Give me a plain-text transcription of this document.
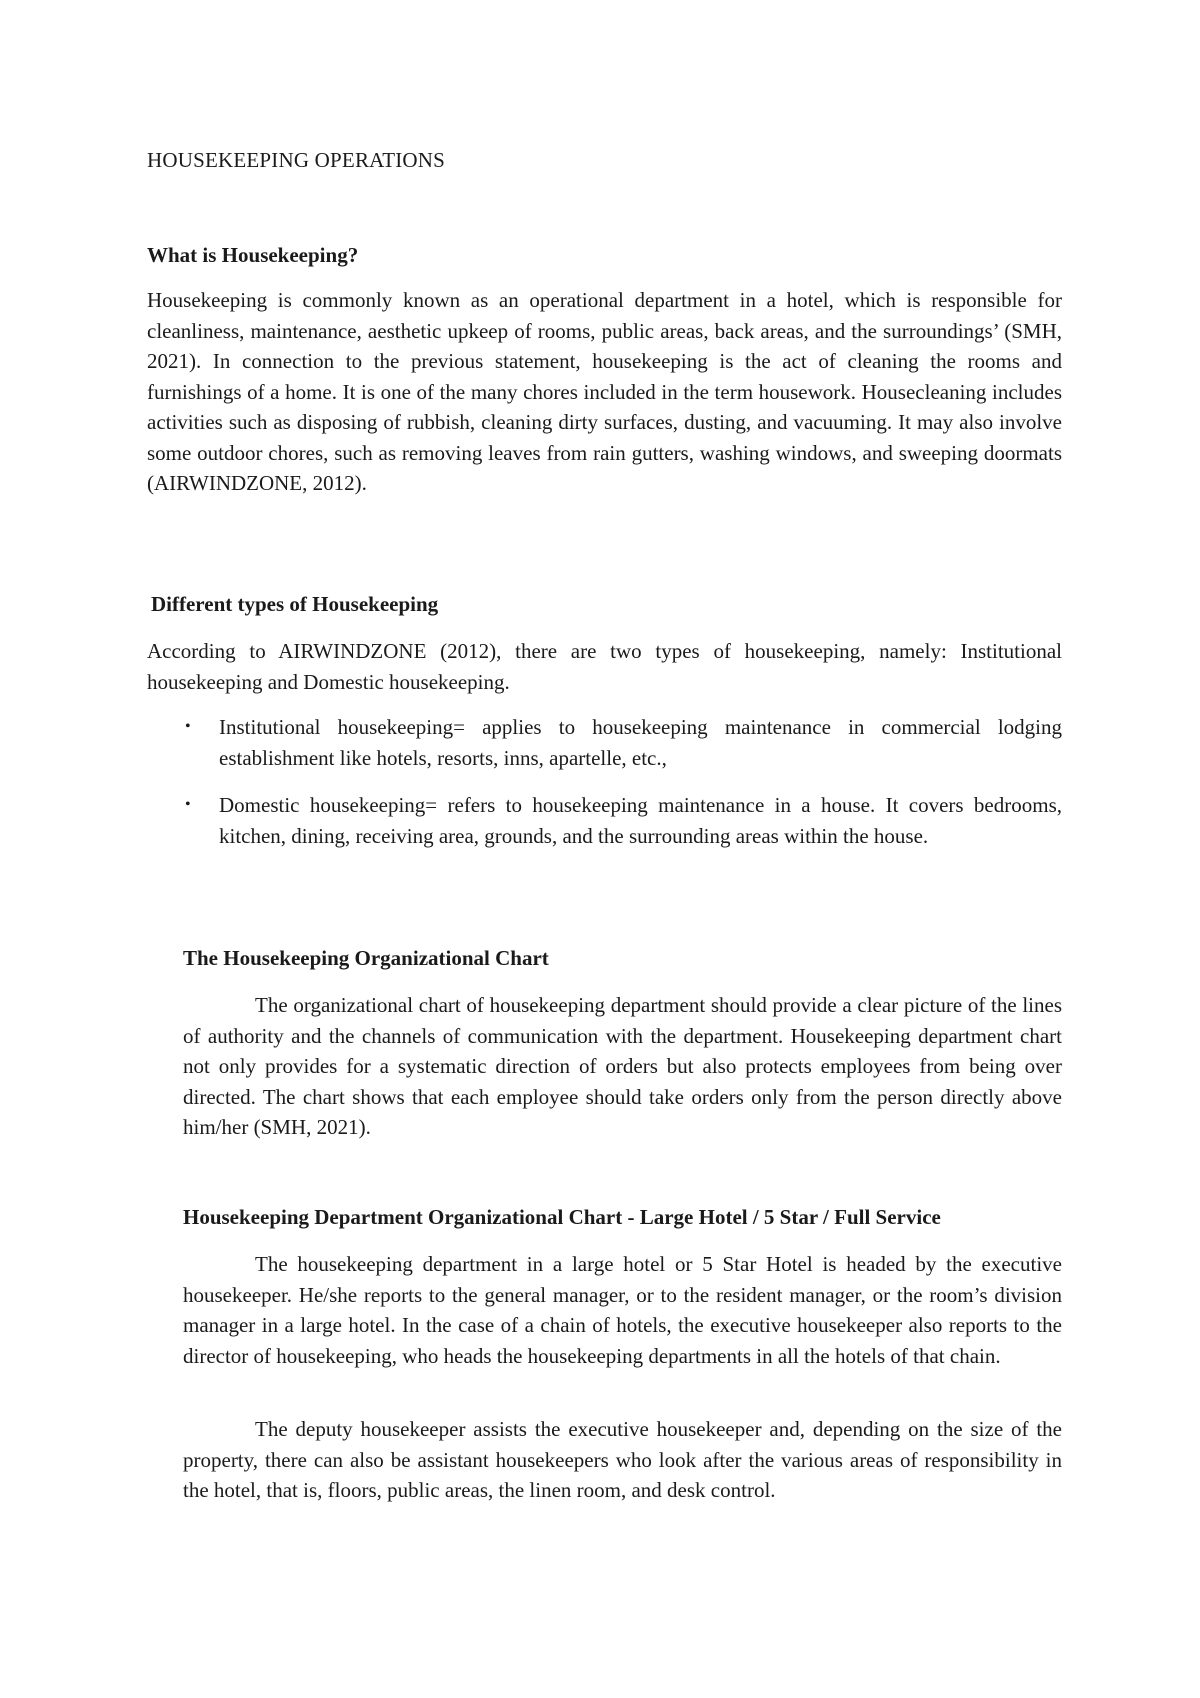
HOUSEKEEPING OPERATIONS
What is Housekeeping?

Housekeeping is commonly known as an operational department in a hotel, which is responsible for cleanliness, maintenance, aesthetic upkeep of rooms, public areas, back areas, and the surroundings’ (SMH, 2021). In connection to the previous statement, housekeeping is the act of cleaning the rooms and furnishings of a home. It is one of the many chores included in the term housework. Housecleaning includes activities such as disposing of rubbish, cleaning dirty surfaces, dusting, and vacuuming. It may also involve some outdoor chores, such as removing leaves from rain gutters, washing windows, and sweeping doormats (AIRWINDZONE, 2012).

Different types of Housekeeping

According to AIRWINDZONE (2012), there are two types of housekeeping, namely: Institutional housekeeping and Domestic housekeeping.

• Institutional housekeeping= applies to housekeeping maintenance in commercial lodging establishment like hotels, resorts, inns, apartelle, etc.,

• Domestic housekeeping= refers to housekeeping maintenance in a house. It covers bedrooms, kitchen, dining, receiving area, grounds, and the surrounding areas within the house.

The Housekeeping Organizational Chart

The organizational chart of housekeeping department should provide a clear picture of the lines of authority and the channels of communication with the department. Housekeeping department chart not only provides for a systematic direction of orders but also protects employees from being over directed. The chart shows that each employee should take orders only from the person directly above him/her (SMH, 2021).

Housekeeping Department Organizational Chart - Large Hotel / 5 Star / Full Service

The housekeeping department in a large hotel or 5 Star Hotel is headed by the executive housekeeper. He/she reports to the general manager, or to the resident manager, or the room’s division manager in a large hotel. In the case of a chain of hotels, the executive housekeeper also reports to the director of housekeeping, who heads the housekeeping departments in all the hotels of that chain.

The deputy housekeeper assists the executive housekeeper and, depending on the size of the property, there can also be assistant housekeepers who look after the various areas of responsibility in the hotel, that is, floors, public areas, the linen room, and desk control.
